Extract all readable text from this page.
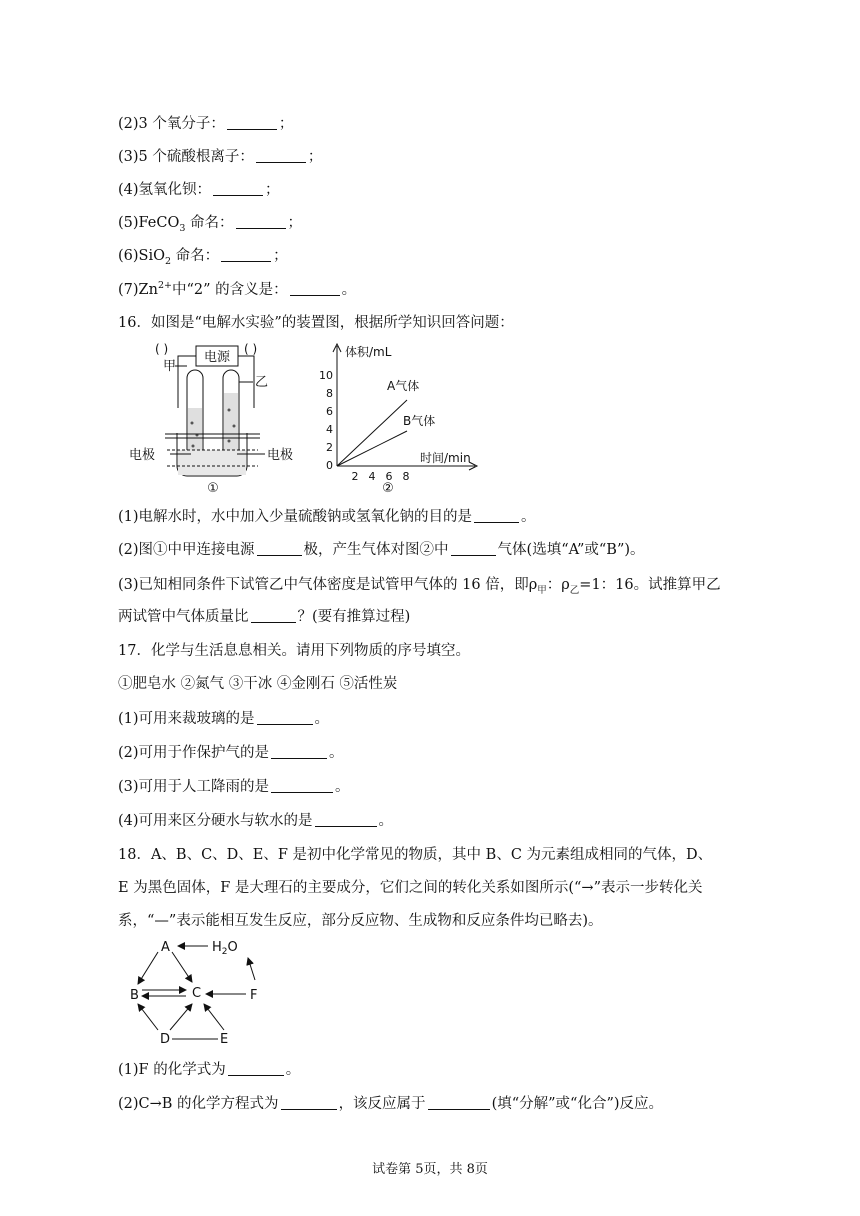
(2)3 个氧分子：	；
(3)5 个硫酸根离子：	；
(4)氢氧化钡：	；
(5)FeCO$_3$ 命名：	；
(6)SiO$_2$ 命名：	；
$(7)Zn^{2+}$中“2” 的含义是：	。
16．如图是“电解水实验”的装置图，根据所学知识回答问题：
( )	( )
电源
甲
乙
电极	电极
①
体积/mL
10
8
6
4
2
0
2 4 6 8
时间/min
A气体
B气体
②
(1)电解水时，水中加入少量硫酸钠或氢氧化钠的目的是	。
(2)图①中甲连接电源	极，产生气体对图②中	气体(选填“A”或“B”)。
(3)已知相同条件下试管乙中气体密度是试管甲气体的 16 倍，即$\rho_甲$：$\rho_乙=1$：16。试推算甲乙
两试管中气体质量比	？(要有推算过程)
17．化学与生活息息相关。请用下列物质的序号填空。
①肥皂水 ②氮气 ③干冰 ④金刚石 ⑤活性炭
(1)可用来裁玻璃的是	。
(2)可用于作保护气的是	。
(3)可用于人工降雨的是	。
(4)可用来区分硬水与软水的是	。
18．A、B、C、D、E、F 是初中化学常见的物质，其中 B、C 为元素组成相同的气体，D、
E 为黑色固体，F 是大理石的主要成分，它们之间的转化关系如图所示(“→”表示一步转化关
系，“—”表示能相互发生反应，部分反应物、生成物和反应条件均已略去)。
A	$H_2O$
B	C	F
D	E
(1)F 的化学式为	。
(2)C→B 的化学方程式为	，该反应属于	(填“分解”或“化合”)反应。
试卷第 5页，共 8页
